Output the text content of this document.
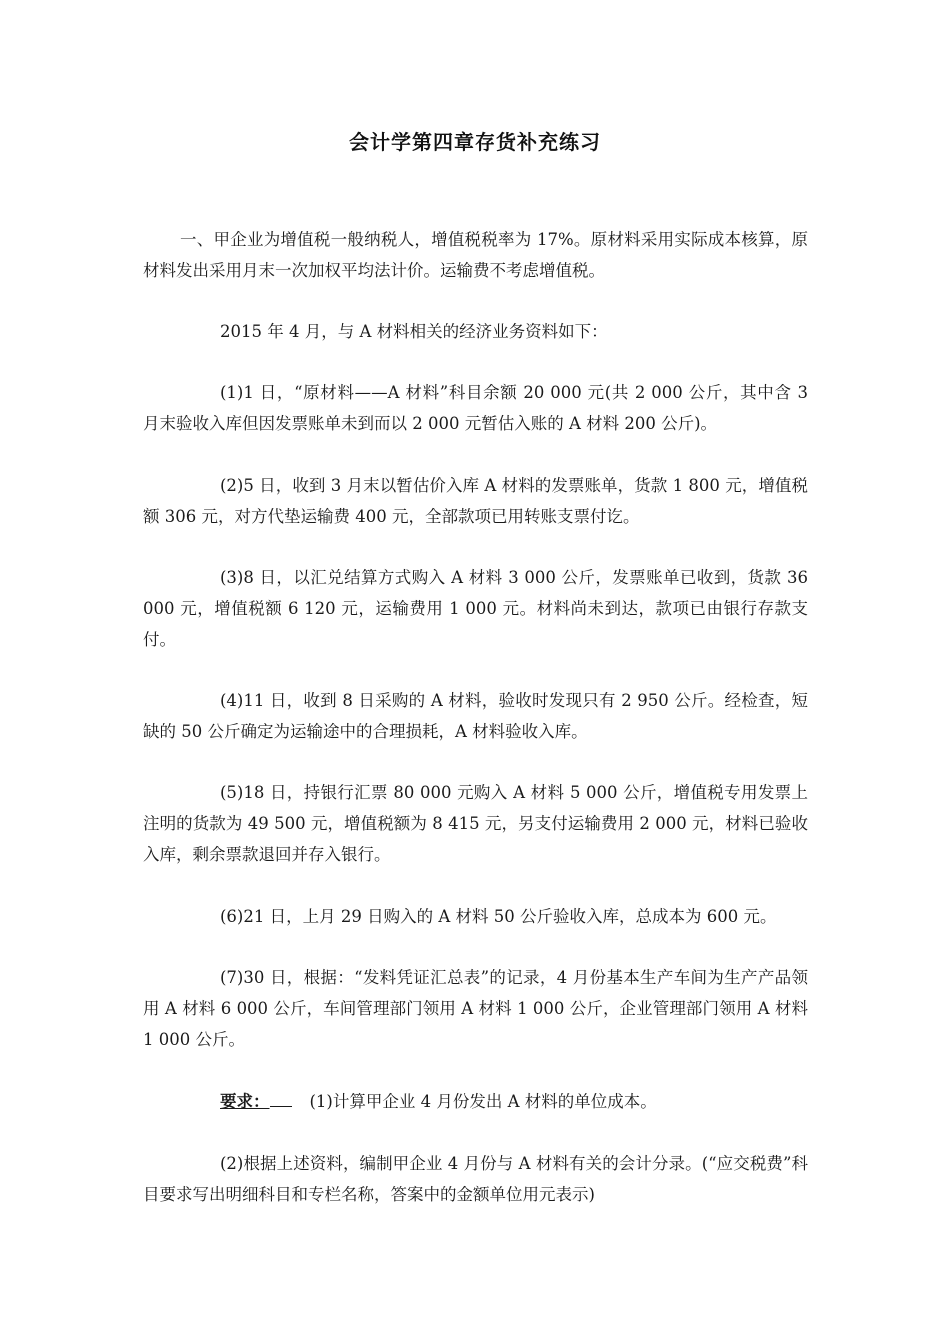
会计学第四章存货补充练习

一、甲企业为增值税一般纳税人，增值税税率为 17%。原材料采用实际成本核算，原材料发出采用月末一次加权平均法计价。运输费不考虑增值税。

2015 年 4 月，与 A 材料相关的经济业务资料如下：

(1)1 日，“原材料——A 材料”科目余额 20 000 元(共 2 000 公斤，其中含 3 月末验收入库但因发票账单未到而以 2 000 元暂估入账的 A 材料 200 公斤)。

(2)5 日，收到 3 月末以暂估价入库 A 材料的发票账单，货款 1 800 元，增值税额 306 元，对方代垫运输费 400 元，全部款项已用转账支票付讫。

(3)8 日，以汇兑结算方式购入 A 材料 3 000 公斤，发票账单已收到，货款 36 000 元，增值税额 6 120 元，运输费用 1 000 元。材料尚未到达，款项已由银行存款支付。

(4)11 日，收到 8 日采购的 A 材料，验收时发现只有 2 950 公斤。经检查，短缺的 50 公斤确定为运输途中的合理损耗，A 材料验收入库。

(5)18 日，持银行汇票 80 000 元购入 A 材料 5 000 公斤，增值税专用发票上注明的货款为 49 500 元，增值税额为 8 415 元，另支付运输费用 2 000 元，材料已验收入库，剩余票款退回并存入银行。

(6)21 日，上月 29 日购入的 A 材料 50 公斤验收入库，总成本为 600 元。

(7)30 日，根据：“发料凭证汇总表”的记录，4 月份基本生产车间为生产产品领用 A 材料 6 000 公斤，车间管理部门领用 A 材料 1 000 公斤，企业管理部门领用 A 材料 1 000 公斤。

要求： (1)计算甲企业 4 月份发出 A 材料的单位成本。

(2)根据上述资料，编制甲企业 4 月份与 A 材料有关的会计分录。(“应交税费”科目要求写出明细科目和专栏名称，答案中的金额单位用元表示)
